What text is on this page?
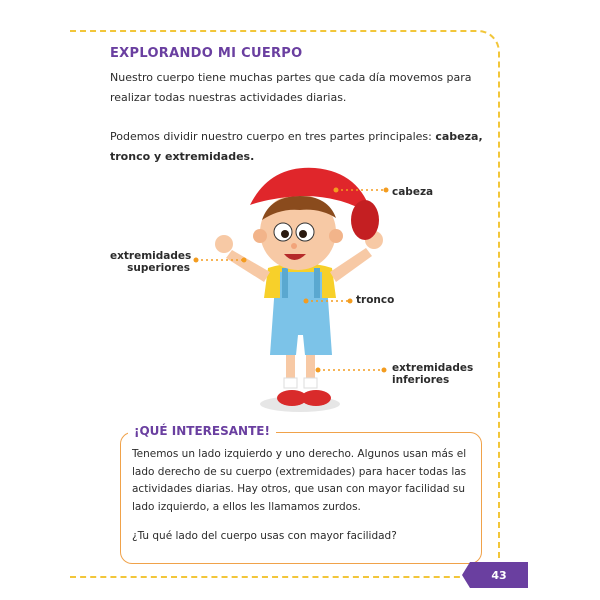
EXPLORANDO MI CUERPO
Nuestro cuerpo tiene muchas partes que cada día movemos para realizar todas nuestras actividades diarias.
Podemos dividir nuestro cuerpo en tres partes principales: cabeza, tronco y extremidades.
cabeza
extremidades
superiores
tronco
extremidades
inferiores
¡QUÉ INTERESANTE!
Tenemos un lado izquierdo y uno derecho. Algunos usan más el lado derecho de su cuerpo (extremidades) para hacer todas las actividades diarias. Hay otros, que usan con mayor facilidad su lado izquierdo, a ellos les llamamos zurdos.
¿Tu qué lado del cuerpo usas con mayor facilidad?
43
